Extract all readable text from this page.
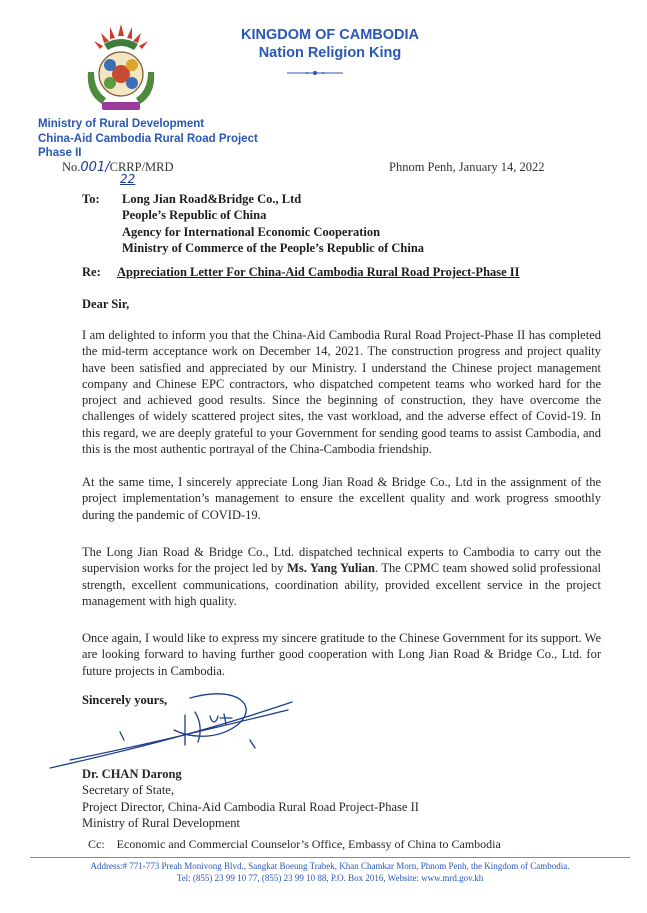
KINGDOM OF CAMBODIA
Nation Religion King
Ministry of Rural Development
China-Aid Cambodia Rural Road Project
Phase II
No.001/CRRP/MRD
22
Phnom Penh, January 14, 2022
To: Long Jian Road&Bridge Co., Ltd
People’s Republic of China
Agency for International Economic Cooperation
Ministry of Commerce of the People’s Republic of China
Re: Appreciation Letter For China-Aid Cambodia Rural Road Project-Phase II
Dear Sir,
I am delighted to inform you that the China-Aid Cambodia Rural Road Project-Phase II has completed the mid-term acceptance work on December 14, 2021. The construction progress and project quality have been satisfied and appreciated by our Ministry. I understand the Chinese project management company and Chinese EPC contractors, who dispatched competent teams who worked hard for the project and achieved good results. Since the beginning of construction, they have overcome the challenges of widely scattered project sites, the vast workload, and the adverse effect of Covid-19. In this regard, we are deeply grateful to your Government for sending good teams to assist Cambodia, and this is the most authentic portrayal of the China-Cambodia friendship.
At the same time, I sincerely appreciate Long Jian Road & Bridge Co., Ltd in the assignment of the project implementation’s management to ensure the excellent quality and work progress smoothly during the pandemic of COVID-19.
The Long Jian Road & Bridge Co., Ltd. dispatched technical experts to Cambodia to carry out the supervision works for the project led by Ms. Yang Yulian. The CPMC team showed solid professional strength, excellent communications, coordination ability, provided excellent service in the project management with high quality.
Once again, I would like to express my sincere gratitude to the Chinese Government for its support. We are looking forward to having further good cooperation with Long Jian Road & Bridge Co., Ltd. for future projects in Cambodia.
Sincerely yours,
Dr. CHAN Darong
Secretary of State,
Project Director, China-Aid Cambodia Rural Road Project-Phase II
Ministry of Rural Development
Cc: Economic and Commercial Counselor’s Office, Embassy of China to Cambodia
Address:# 771-773 Preah Monivong Blvd., Sangkat Boeung Trabek, Khan Chamkar Morn, Phnom Penh, the Kingdom of Cambodia.
Tel: (855) 23 99 10 77, (855) 23 99 10 88, P.O. Box 2016, Website: www.mrd.gov.kh
